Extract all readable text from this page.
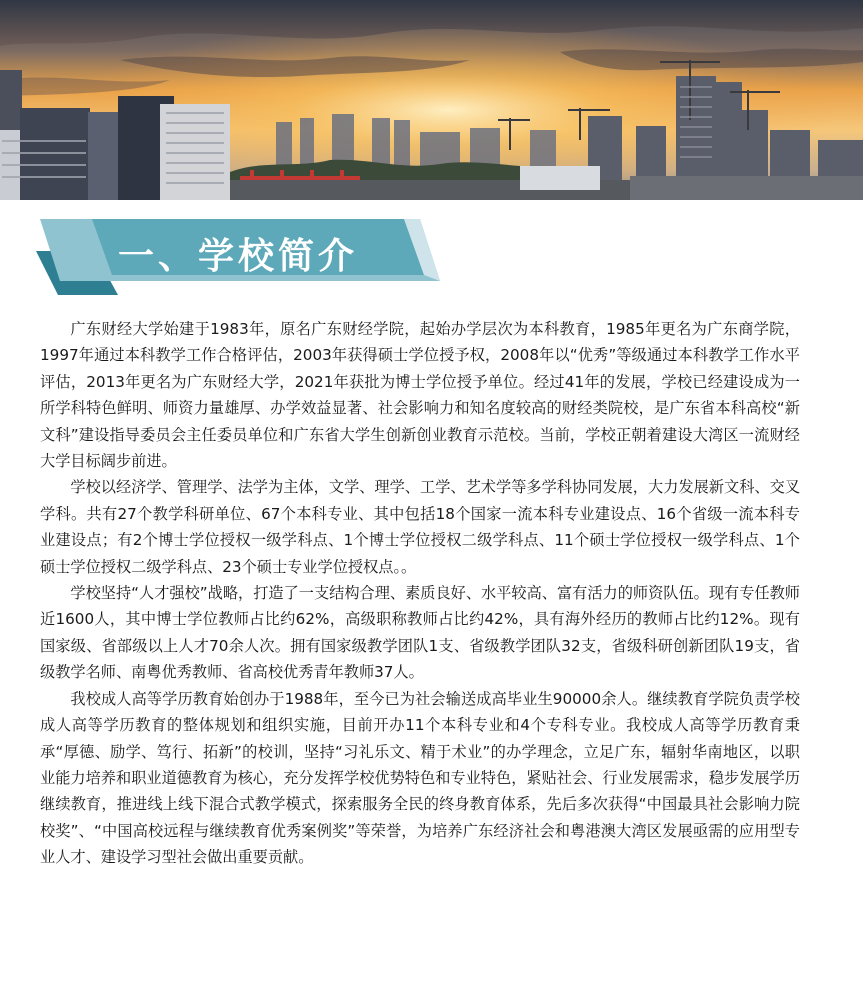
一、学校简介

广东财经大学始建于1983年，原名广东财经学院，起始办学层次为本科教育，1985年更名为广东商学院，1997年通过本科教学工作合格评估，2003年获得硕士学位授予权，2008年以“优秀”等级通过本科教学工作水平评估，2013年更名为广东财经大学，2021年获批为博士学位授予单位。经过41年的发展，学校已经建设成为一所学科特色鲜明、师资力量雄厚、办学效益显著、社会影响力和知名度较高的财经类院校，是广东省本科高校“新文科”建设指导委员会主任委员单位和广东省大学生创新创业教育示范校。当前，学校正朝着建设大湾区一流财经大学目标阔步前进。

学校以经济学、管理学、法学为主体，文学、理学、工学、艺术学等多学科协同发展，大力发展新文科、交叉学科。共有27个教学科研单位、67个本科专业、其中包括18个国家一流本科专业建设点、16个省级一流本科专业建设点；有2个博士学位授权一级学科点、1个博士学位授权二级学科点、11个硕士学位授权一级学科点、1个硕士学位授权二级学科点、23个硕士专业学位授权点。。

学校坚持“人才强校”战略，打造了一支结构合理、素质良好、水平较高、富有活力的师资队伍。现有专任教师近1600人，其中博士学位教师占比约62%，高级职称教师占比约42%，具有海外经历的教师占比约12%。现有国家级、省部级以上人才70余人次。拥有国家级教学团队1支、省级教学团队32支，省级科研创新团队19支，省级教学名师、南粤优秀教师、省高校优秀青年教师37人。

我校成人高等学历教育始创办于1988年，至今已为社会输送成高毕业生90000余人。继续教育学院负责学校成人高等学历教育的整体规划和组织实施，目前开办11个本科专业和4个专科专业。我校成人高等学历教育秉承“厚德、励学、笃行、拓新”的校训，坚持“习礼乐文、精于术业”的办学理念，立足广东，辐射华南地区，以职业能力培养和职业道德教育为核心，充分发挥学校优势特色和专业特色，紧贴社会、行业发展需求，稳步发展学历继续教育，推进线上线下混合式教学模式，探索服务全民的终身教育体系，先后多次获得“中国最具社会影响力院校奖”、“中国高校远程与继续教育优秀案例奖”等荣誉，为培养广东经济社会和粤港澳大湾区发展亟需的应用型专业人才、建设学习型社会做出重要贡献。
